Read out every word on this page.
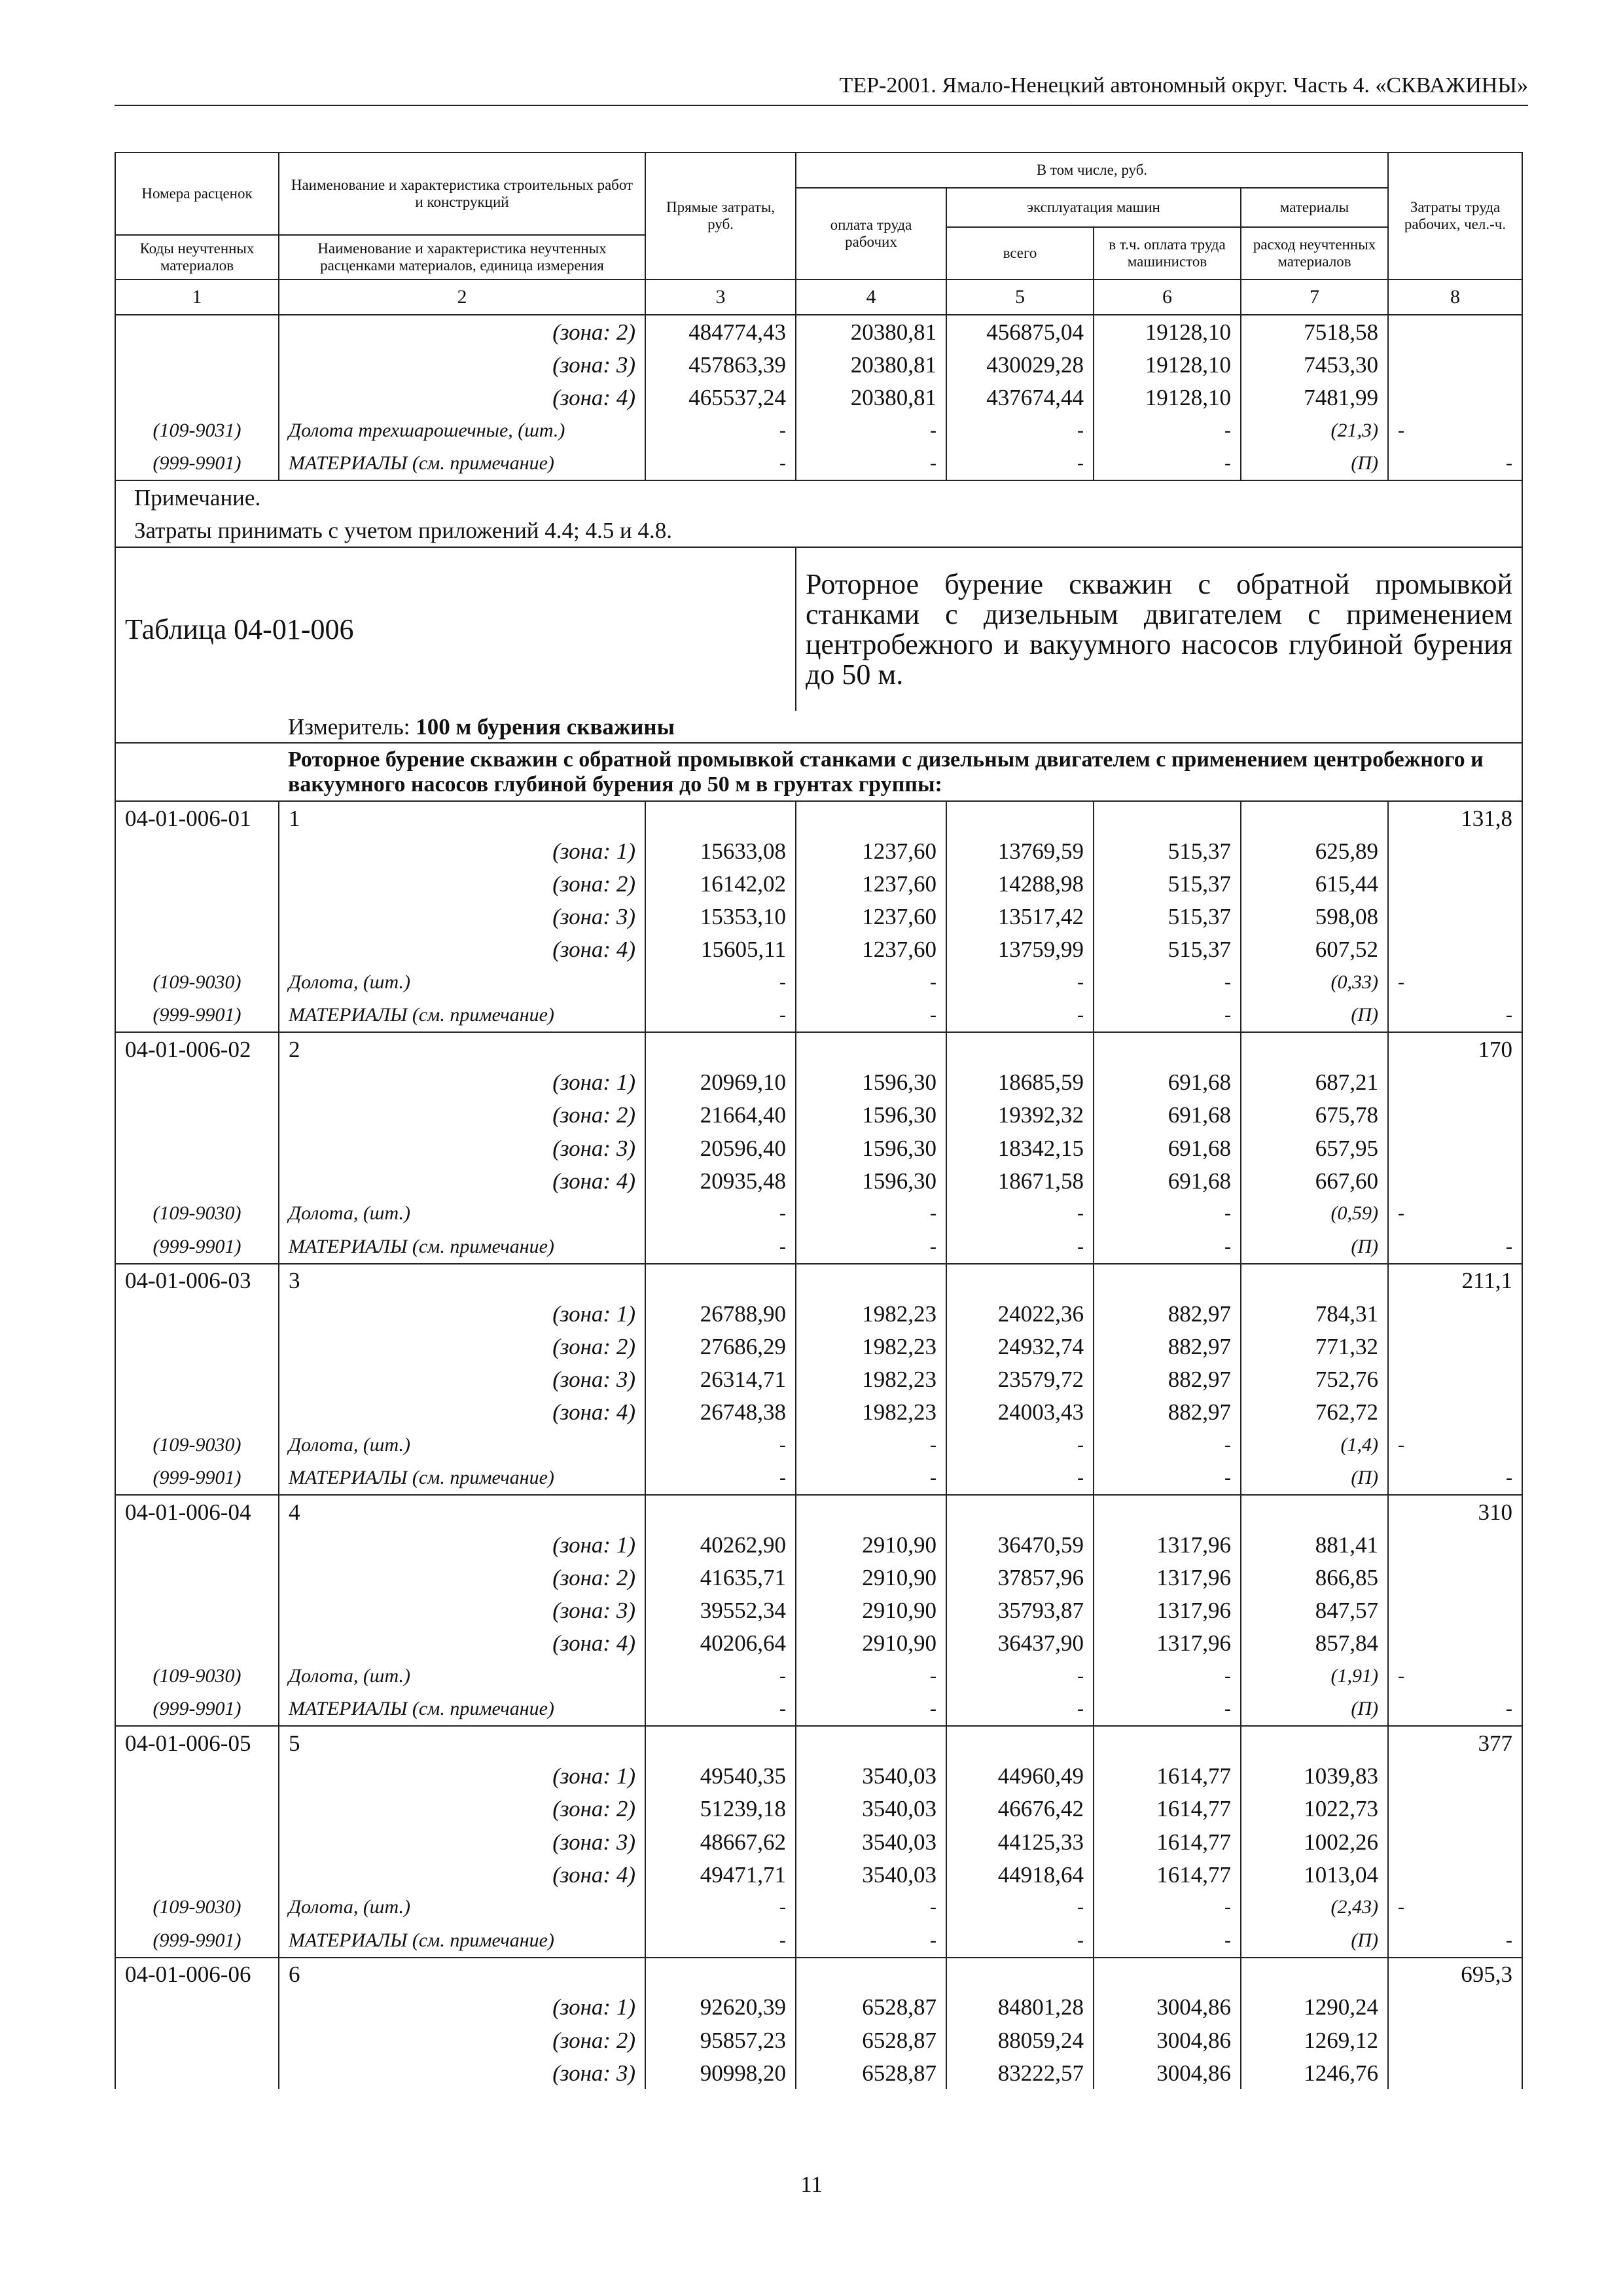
ТЕР-2001. Ямало-Ненецкий автономный округ. Часть 4. «СКВАЖИНЫ»
Номера расценок	Наименование и характеристика строительных работ и конструкций	Прямые затраты, руб.	В том числе, руб.				Затраты труда рабочих, чел.-ч.
			оплата труда рабочих	эксплуатация машин		материалы	
				всего	в т.ч. оплата труда машинистов	расход неучтенных материалов	
Коды неучтенных материалов	Наименование и характеристика неучтенных расценками материалов, единица измерения						

1	2	3	4	5	6	7	8
	(зона: 2)	484774,43	20380,81	456875,04	19128,10	7518,58	
	(зона: 3)	457863,39	20380,81	430029,28	19128,10	7453,30	
	(зона: 4)	465537,24	20380,81	437674,44	19128,10	7481,99	
(109-9031)	Долота трехшарошечные, (шт.)	-	-	-	-	(21,3)	-

(999-9901)	МАТЕРИАЛЫ (см. примечание)	-	-	-	-	(П)	-

Примечание.							
Затраты принимать с учетом приложений 4.4; 4.5 и 4.8.							
Таблица 04-01-006			Роторное бурение скважин с обратной промывкой станками с дизельным двигателем с применением центробежного и вакуумного насосов глубиной бурения до 50 м.				
	Измеритель: 100 м бурения скважины						
	Роторное бурение скважин с обратной промывкой станками с дизельным двигателем с применением центробежного и вакуумного насосов глубиной бурения до 50 м в грунтах группы:						
04-01-006-01	1						131,8
	(зона: 1)	15633,08	1237,60	13769,59	515,37	625,89	
	(зона: 2)	16142,02	1237,60	14288,98	515,37	615,44	
	(зона: 3)	15353,10	1237,60	13517,42	515,37	598,08	
	(зона: 4)	15605,11	1237,60	13759,99	515,37	607,52	
(109-9030)	Долота, (шт.)	-	-	-	-	(0,33)	-

(999-9901)	МАТЕРИАЛЫ (см. примечание)	-	-	-	-	(П)	-

04-01-006-02	2						170
	(зона: 1)	20969,10	1596,30	18685,59	691,68	687,21	
	(зона: 2)	21664,40	1596,30	19392,32	691,68	675,78	
	(зона: 3)	20596,40	1596,30	18342,15	691,68	657,95	
	(зона: 4)	20935,48	1596,30	18671,58	691,68	667,60	
(109-9030)	Долота, (шт.)	-	-	-	-	(0,59)	-

(999-9901)	МАТЕРИАЛЫ (см. примечание)	-	-	-	-	(П)	-

04-01-006-03	3						211,1
	(зона: 1)	26788,90	1982,23	24022,36	882,97	784,31	
	(зона: 2)	27686,29	1982,23	24932,74	882,97	771,32	
	(зона: 3)	26314,71	1982,23	23579,72	882,97	752,76	
	(зона: 4)	26748,38	1982,23	24003,43	882,97	762,72	
(109-9030)	Долота, (шт.)	-	-	-	-	(1,4)	-

(999-9901)	МАТЕРИАЛЫ (см. примечание)	-	-	-	-	(П)	-

04-01-006-04	4						310
	(зона: 1)	40262,90	2910,90	36470,59	1317,96	881,41	
	(зона: 2)	41635,71	2910,90	37857,96	1317,96	866,85	
	(зона: 3)	39552,34	2910,90	35793,87	1317,96	847,57	
	(зона: 4)	40206,64	2910,90	36437,90	1317,96	857,84	
(109-9030)	Долота, (шт.)	-	-	-	-	(1,91)	-

(999-9901)	МАТЕРИАЛЫ (см. примечание)	-	-	-	-	(П)	-

04-01-006-05	5						377
	(зона: 1)	49540,35	3540,03	44960,49	1614,77	1039,83	
	(зона: 2)	51239,18	3540,03	46676,42	1614,77	1022,73	
	(зона: 3)	48667,62	3540,03	44125,33	1614,77	1002,26	
	(зона: 4)	49471,71	3540,03	44918,64	1614,77	1013,04	
(109-9030)	Долота, (шт.)	-	-	-	-	(2,43)	-

(999-9901)	МАТЕРИАЛЫ (см. примечание)	-	-	-	-	(П)	-

04-01-006-06	6						695,3
	(зона: 1)	92620,39	6528,87	84801,28	3004,86	1290,24	
	(зона: 2)	95857,23	6528,87	88059,24	3004,86	1269,12	
	(зона: 3)	90998,20	6528,87	83222,57	3004,86	1246,76	
11
